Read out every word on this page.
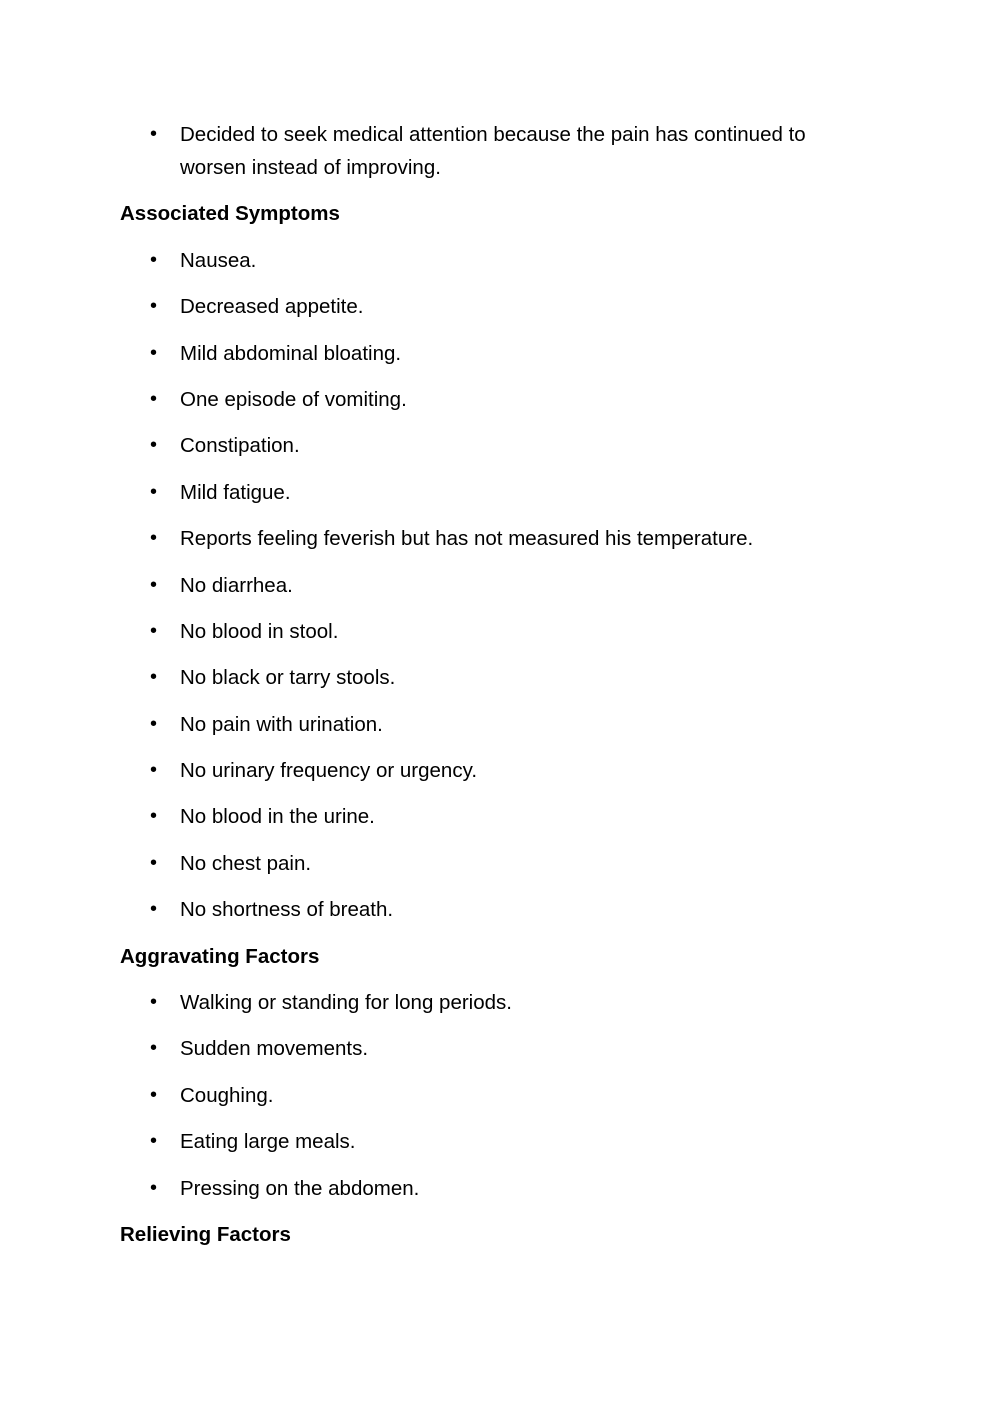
•	Decided to seek medical attention because the pain has continued to worsen instead of improving.
Associated Symptoms
•	Nausea.
•	Decreased appetite.
•	Mild abdominal bloating.
•	One episode of vomiting.
•	Constipation.
•	Mild fatigue.
•	Reports feeling feverish but has not measured his temperature.
•	No diarrhea.
•	No blood in stool.
•	No black or tarry stools.
•	No pain with urination.
•	No urinary frequency or urgency.
•	No blood in the urine.
•	No chest pain.
•	No shortness of breath.
Aggravating Factors
•	Walking or standing for long periods.
•	Sudden movements.
•	Coughing.
•	Eating large meals.
•	Pressing on the abdomen.
Relieving Factors
